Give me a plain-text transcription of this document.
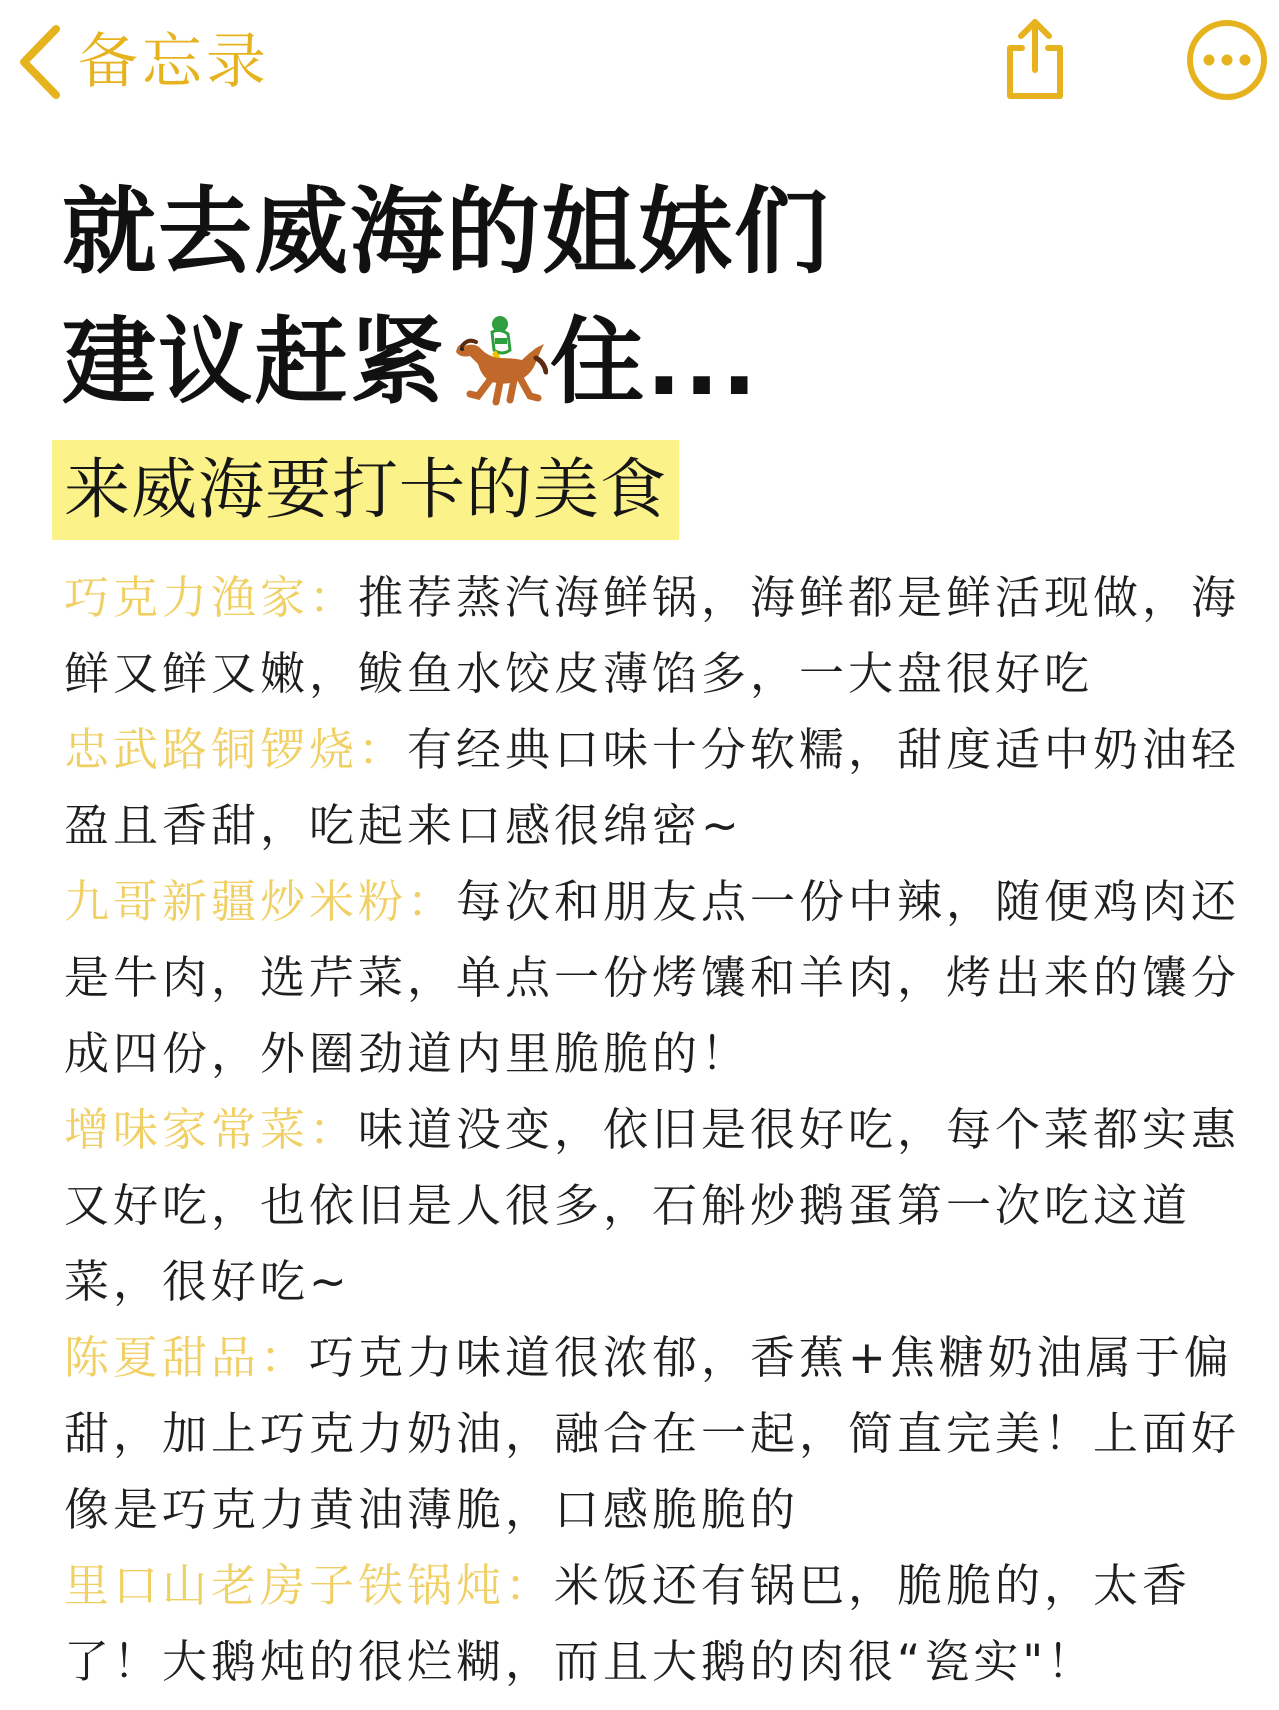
备忘录
就去威海的姐妹们
建议赶紧 住...
来威海要打卡的美食

巧克力渔家：推荐蒸汽海鲜锅，海鲜都是鲜活现做，海鲜又鲜又嫩，鲅鱼水饺皮薄馅多，一大盘很好吃

忠武路铜锣烧：有经典口味十分软糯，甜度适中奶油轻盈且香甜，吃起来口感很绵密~

九哥新疆炒米粉：每次和朋友点一份中辣，随便鸡肉还是牛肉，选芹菜，单点一份烤馕和羊肉，烤出来的馕分成四份，外圈劲道内里脆脆的！

增味家常菜：味道没变，依旧是很好吃，每个菜都实惠又好吃，也依旧是人很多，石斛炒鹅蛋第一次吃这道菜，很好吃~

陈夏甜品：巧克力味道很浓郁，香蕉+焦糖奶油属于偏甜，加上巧克力奶油，融合在一起，简直完美！上面好像是巧克力黄油薄脆，口感脆脆的

里口山老房子铁锅炖：米饭还有锅巴，脆脆的，太香了！大鹅炖的很烂糊，而且大鹅的肉很“瓷实"！
